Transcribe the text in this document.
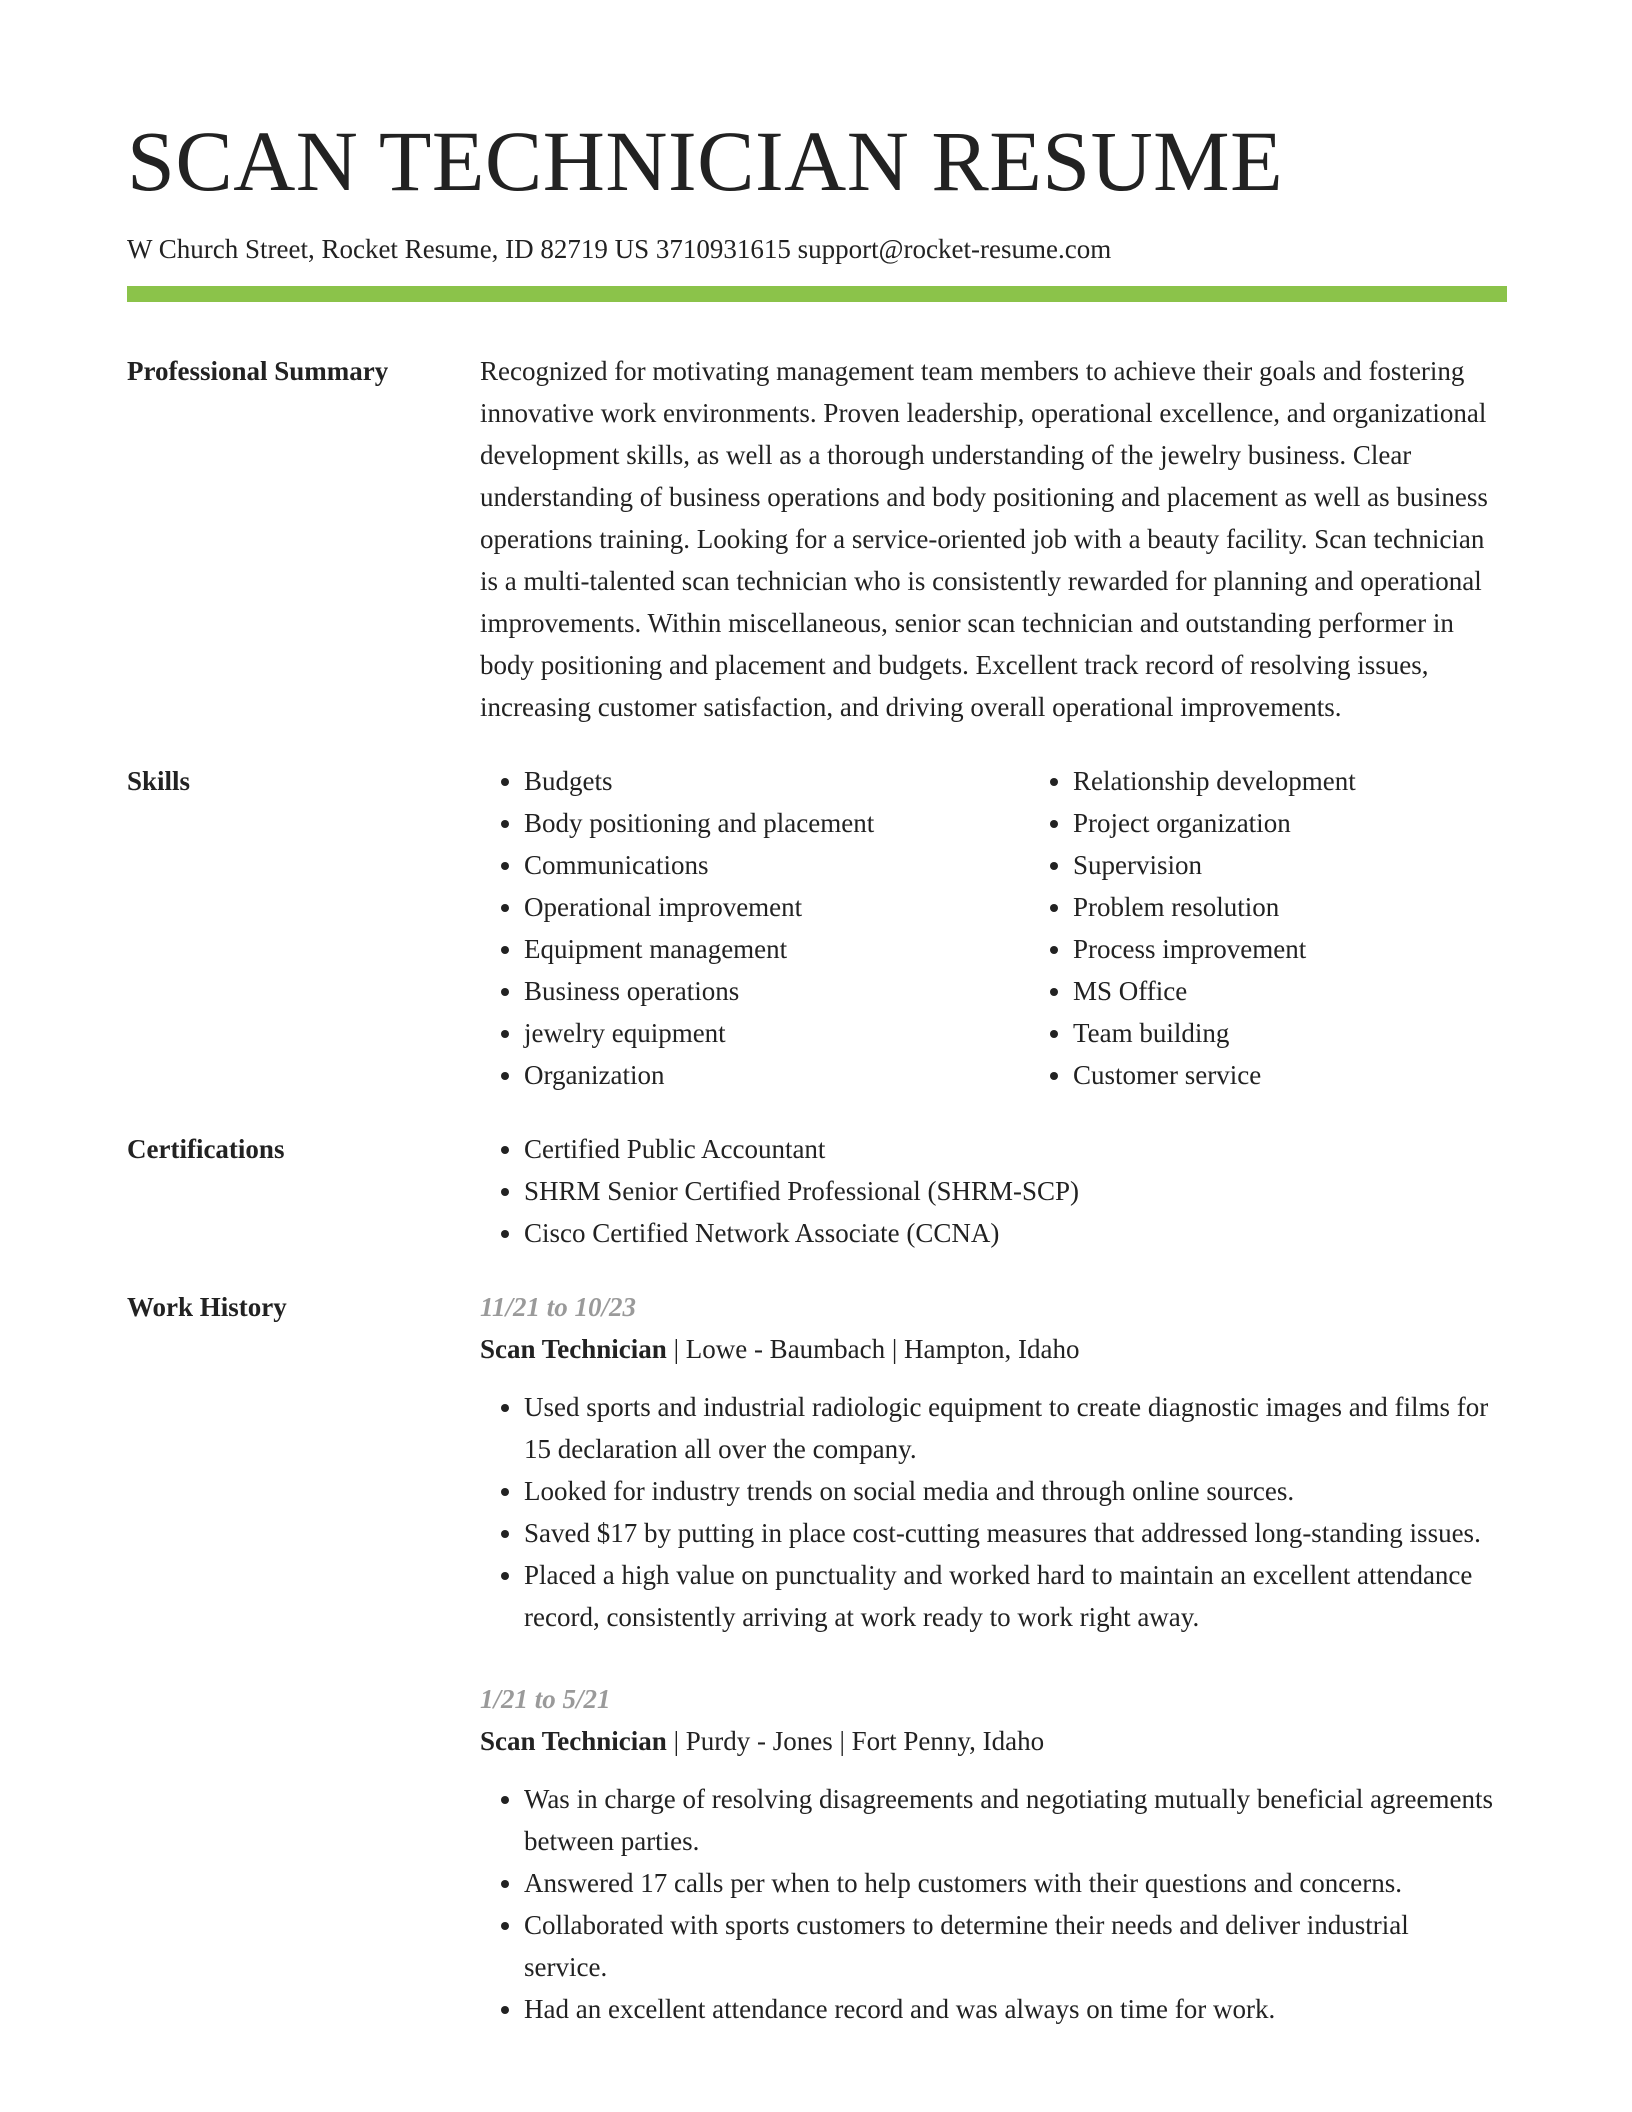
SCAN TECHNICIAN RESUME
W Church Street, Rocket Resume, ID 82719 US 3710931615 support@rocket-resume.com
Professional Summary	Recognized for motivating management team members to achieve their goals and fostering innovative work environments. Proven leadership, operational excellence, and organizational development skills, as well as a thorough understanding of the jewelry business. Clear understanding of business operations and body positioning and placement as well as business operations training. Looking for a service-oriented job with a beauty facility. Scan technician is a multi-talented scan technician who is consistently rewarded for planning and operational improvements. Within miscellaneous, senior scan technician and outstanding performer in body positioning and placement and budgets. Excellent track record of resolving issues, increasing customer satisfaction, and driving overall operational improvements.

Skills	• Budgets
• Body positioning and placement
• Communications
• Operational improvement
• Equipment management
• Business operations
• jewelry equipment
• Organization
• Relationship development
• Project organization
• Supervision
• Problem resolution
• Process improvement
• MS Office
• Team building
• Customer service
Certifications	• Certified Public Accountant
• SHRM Senior Certified Professional (SHRM-SCP)
• Cisco Certified Network Associate (CCNA)
Work History	11/21 to 10/23
Scan Technician | Lowe - Baumbach | Hampton, Idaho
• Used sports and industrial radiologic equipment to create diagnostic images and films for 15 declaration all over the company.
• Looked for industry trends on social media and through online sources.
• Saved $17 by putting in place cost-cutting measures that addressed long-standing issues.
• Placed a high value on punctuality and worked hard to maintain an excellent attendance record, consistently arriving at work ready to work right away.
1/21 to 5/21
Scan Technician | Purdy - Jones | Fort Penny, Idaho
• Was in charge of resolving disagreements and negotiating mutually beneficial agreements between parties.
• Answered 17 calls per when to help customers with their questions and concerns.
• Collaborated with sports customers to determine their needs and deliver industrial service.
• Had an excellent attendance record and was always on time for work.
